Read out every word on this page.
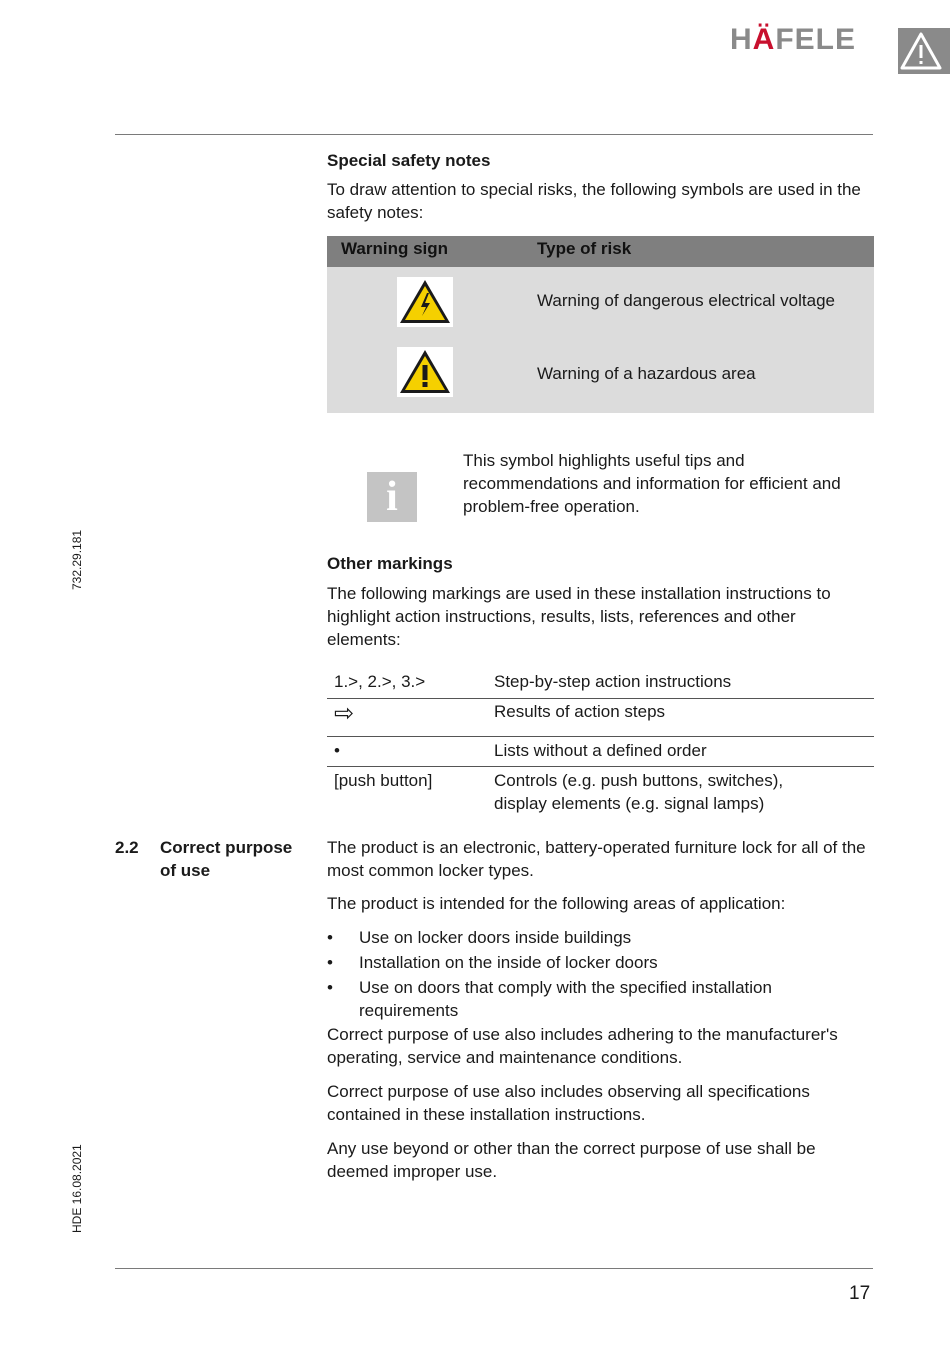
HÄFELE
732.29.181
HDE 16.08.2021
Special safety notes

To draw attention to special risks, the following symbols are used in the safety notes:

Warning sign	Type of risk
Warning of dangerous electrical voltage
Warning of a hazardous area
i

This symbol highlights useful tips and recommendations and information for efficient and problem-free operation.

Other markings

The following markings are used in these installation instructions to highlight action instructions, results, lists, references and other elements:

1.>, 2.>, 3.>	Step-by-step action instructions
⇨	Results of action steps
•	Lists without a defined order
[push button]	Controls (e.g. push buttons, switches), display elements (e.g. signal lamps)
2.2 Correct purpose
of use

The product is an electronic, battery-operated furniture lock for all of the most common locker types.

The product is intended for the following areas of application:

• Use on locker doors inside buildings
• Installation on the inside of locker doors
• Use on doors that comply with the specified installation requirements

Correct purpose of use also includes adhering to the manufacturer's operating, service and maintenance conditions.

Correct purpose of use also includes observing all specifications contained in these installation instructions.

Any use beyond or other than the correct purpose of use shall be deemed improper use.

17
